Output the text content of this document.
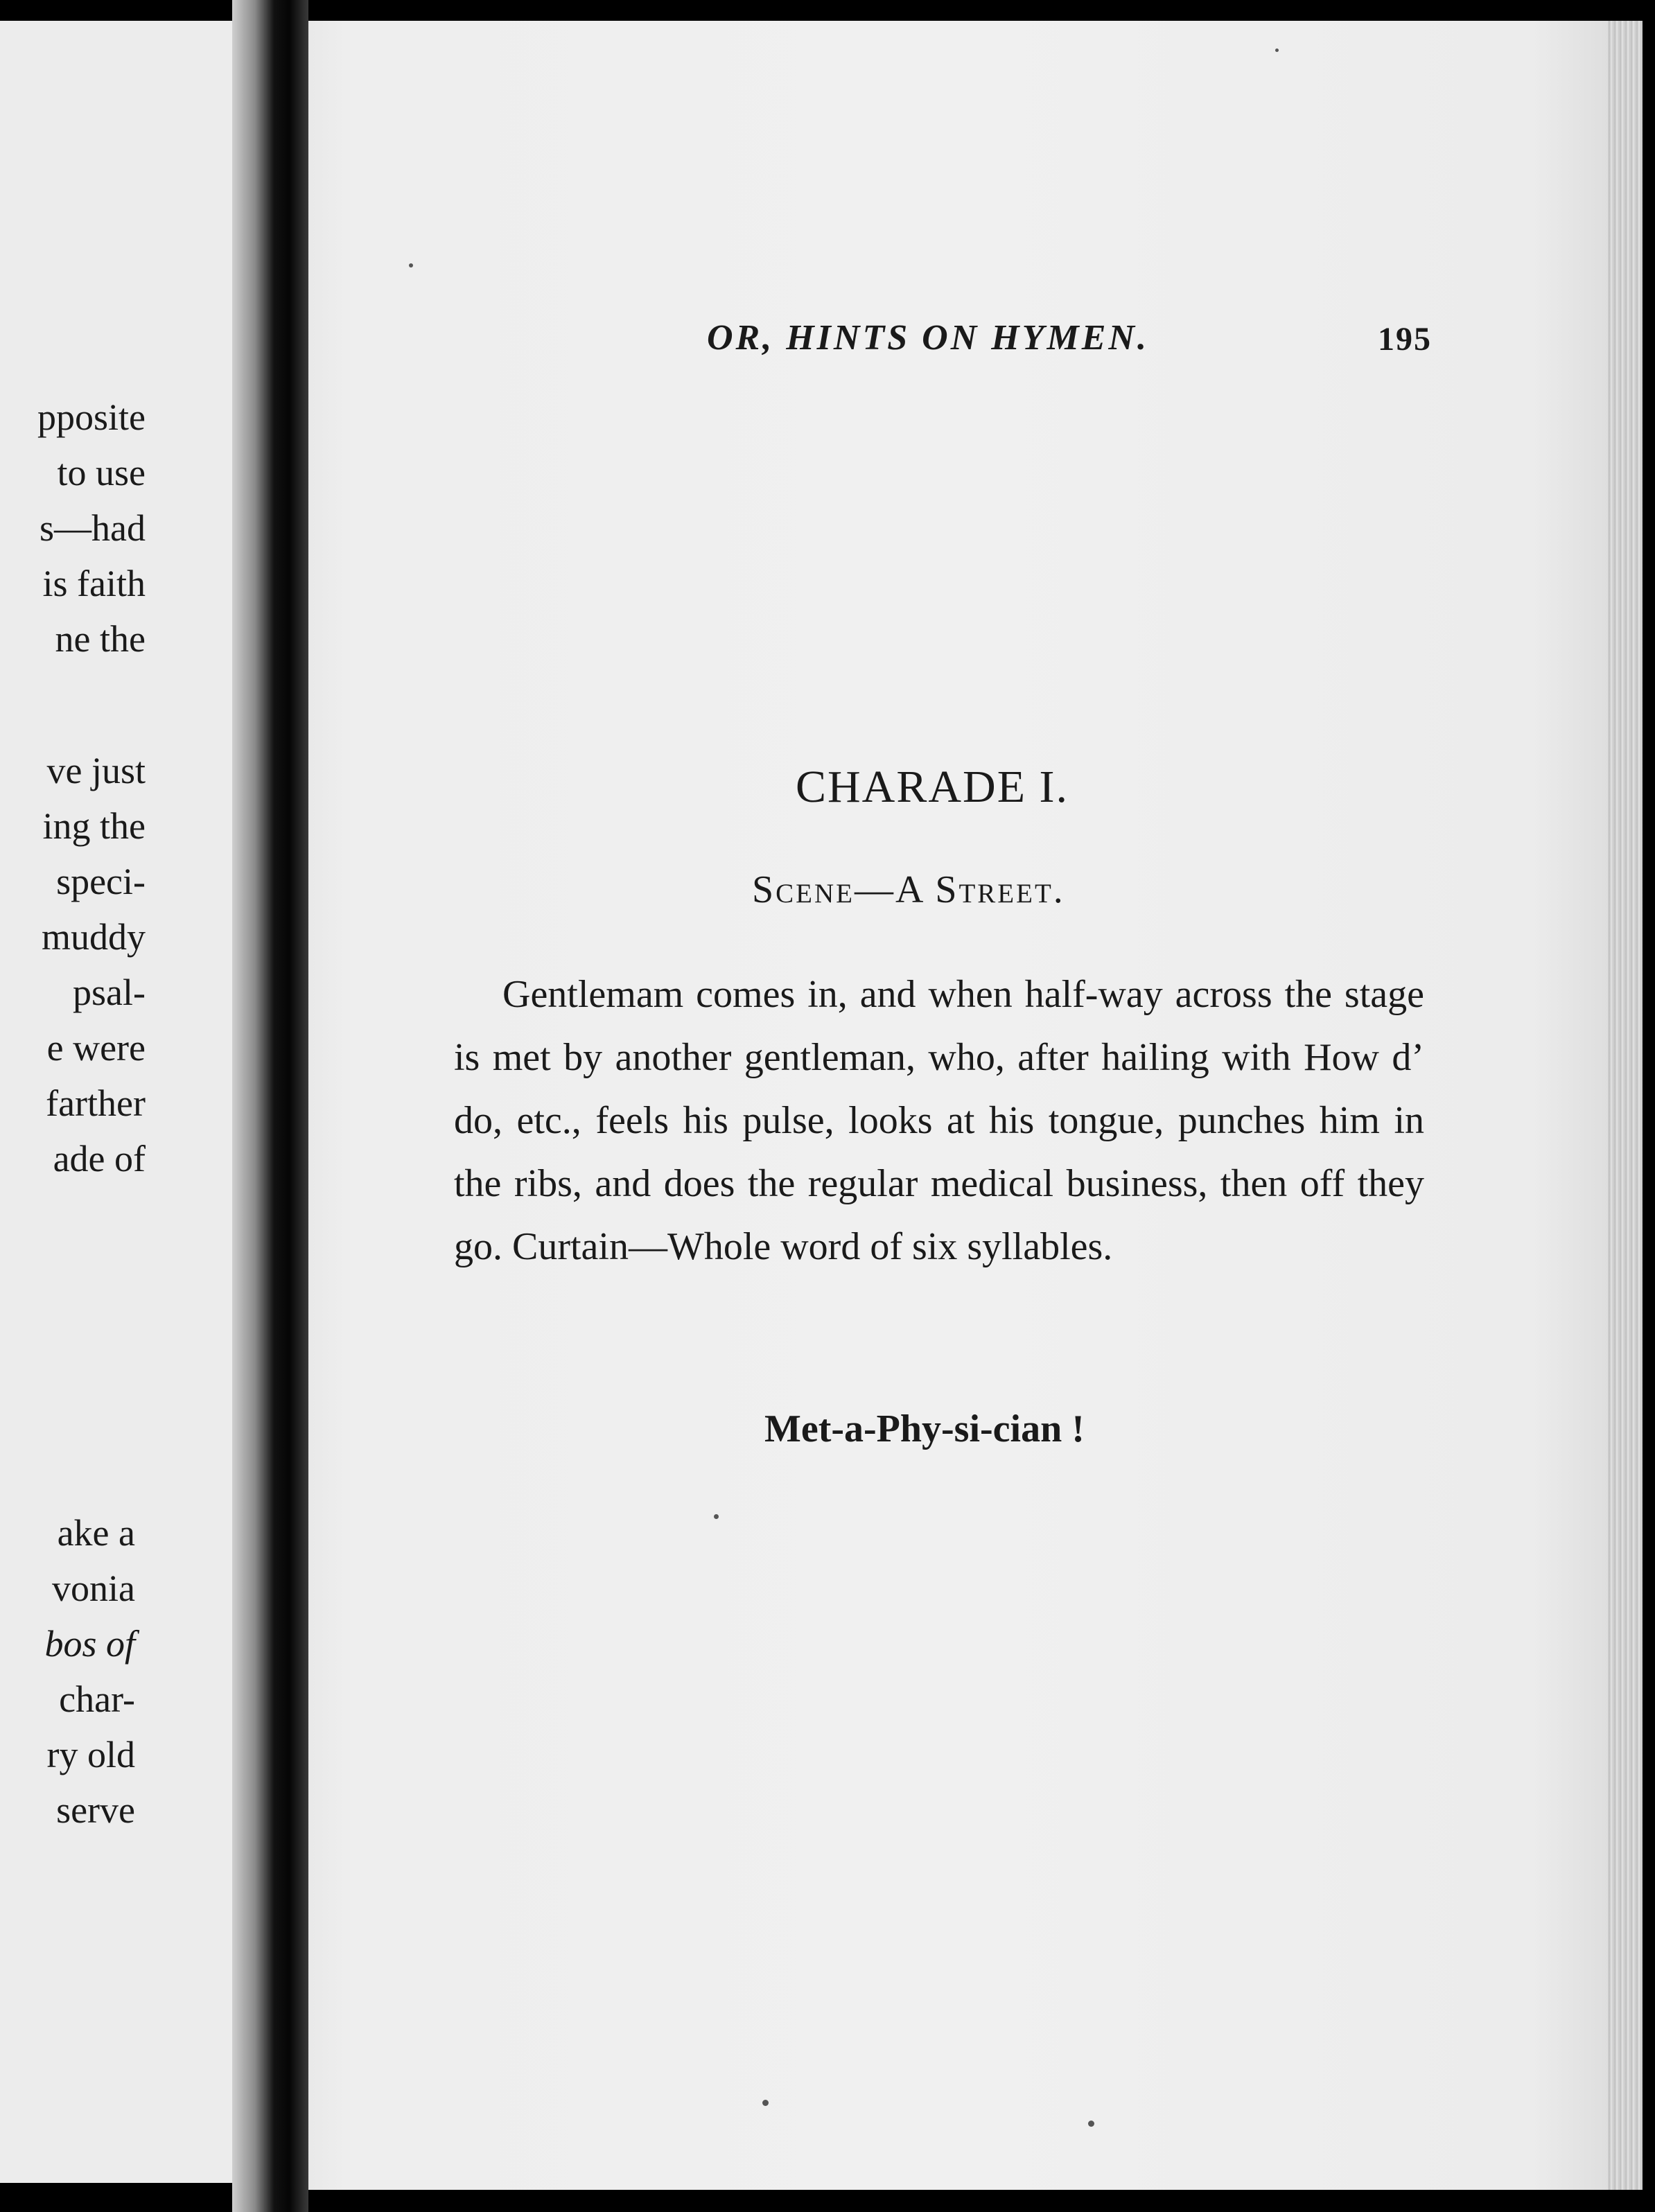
pposite
to use
s—had
is faith
ne the
ve just
ing the
speci-
muddy
psal-
e were
farther
ade of
ake a
vonia
bos of
char-
ry old
serve
OR, HINTS ON HYMEN.	195
CHARADE I.
Scene—A Street.

Gentlemam comes in, and when half-way across the stage is met by another gentleman, who, after hailing with How d’ do, etc., feels his pulse, looks at his tongue, punches him in the ribs, and does the regular medical business, then off they go. Curtain—Whole word of six syllables.

Met-a-Phy-si-cian !
